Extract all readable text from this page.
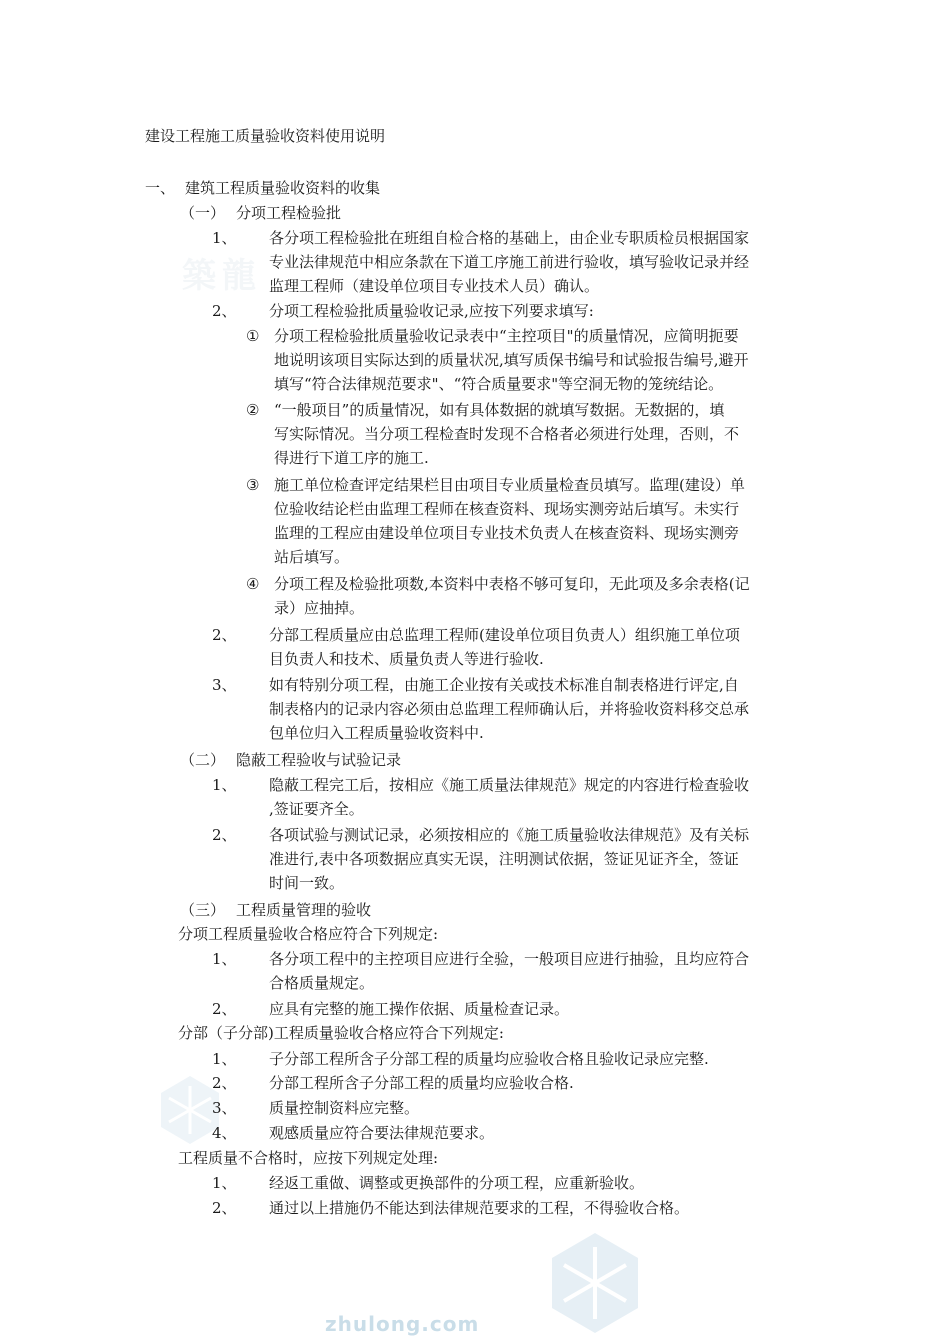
築龍
zhulong.com
建设工程施工质量验收资料使用说明
一、 建筑工程质量验收资料的收集
（一） 分项工程检验批
1、 各分项工程检验批在班组自检合格的基础上，由企业专职质检员根据国家
专业法律规范中相应条款在下道工序施工前进行验收，填写验收记录并经
监理工程师（建设单位项目专业技术人员）确认。
2、 分项工程检验批质量验收记录,应按下列要求填写:
① 分项工程检验批质量验收记录表中“主控项目"的质量情况，应简明扼要
地说明该项目实际达到的质量状况,填写质保书编号和试验报告编号,避开
填写“符合法律规范要求"、“符合质量要求"等空洞无物的笼统结论。
② “一般项目”的质量情况，如有具体数据的就填写数据。无数据的，填
写实际情况。当分项工程检查时发现不合格者必须进行处理，否则，不
得进行下道工序的施工.
③ 施工单位检查评定结果栏目由项目专业质量检查员填写。监理(建设）单
位验收结论栏由监理工程师在核查资料、现场实测旁站后填写。未实行
监理的工程应由建设单位项目专业技术负责人在核查资料、现场实测旁
站后填写。
④ 分项工程及检验批项数,本资料中表格不够可复印，无此项及多余表格(记
录）应抽掉。
2、 分部工程质量应由总监理工程师(建设单位项目负责人）组织施工单位项
目负责人和技术、质量负责人等进行验收.
3、 如有特别分项工程，由施工企业按有关或技术标准自制表格进行评定,自
制表格内的记录内容必须由总监理工程师确认后，并将验收资料移交总承
包单位归入工程质量验收资料中.
（二） 隐蔽工程验收与试验记录
1、 隐蔽工程完工后，按相应《施工质量法律规范》规定的内容进行检查验收
,签证要齐全。
2、 各项试验与测试记录，必须按相应的《施工质量验收法律规范》及有关标
准进行,表中各项数据应真实无误，注明测试依据，签证见证齐全，签证
时间一致。
（三） 工程质量管理的验收
分项工程质量验收合格应符合下列规定:
1、 各分项工程中的主控项目应进行全验，一般项目应进行抽验，且均应符合
合格质量规定。
2、 应具有完整的施工操作依据、质量检查记录。
分部（子分部)工程质量验收合格应符合下列规定:
1、 子分部工程所含子分部工程的质量均应验收合格且验收记录应完整.
2、 分部工程所含子分部工程的质量均应验收合格.
3、 质量控制资料应完整。
4、 观感质量应符合要法律规范要求。
工程质量不合格时，应按下列规定处理:
1、 经返工重做、调整或更换部件的分项工程，应重新验收。
2、 通过以上措施仍不能达到法律规范要求的工程，不得验收合格。
